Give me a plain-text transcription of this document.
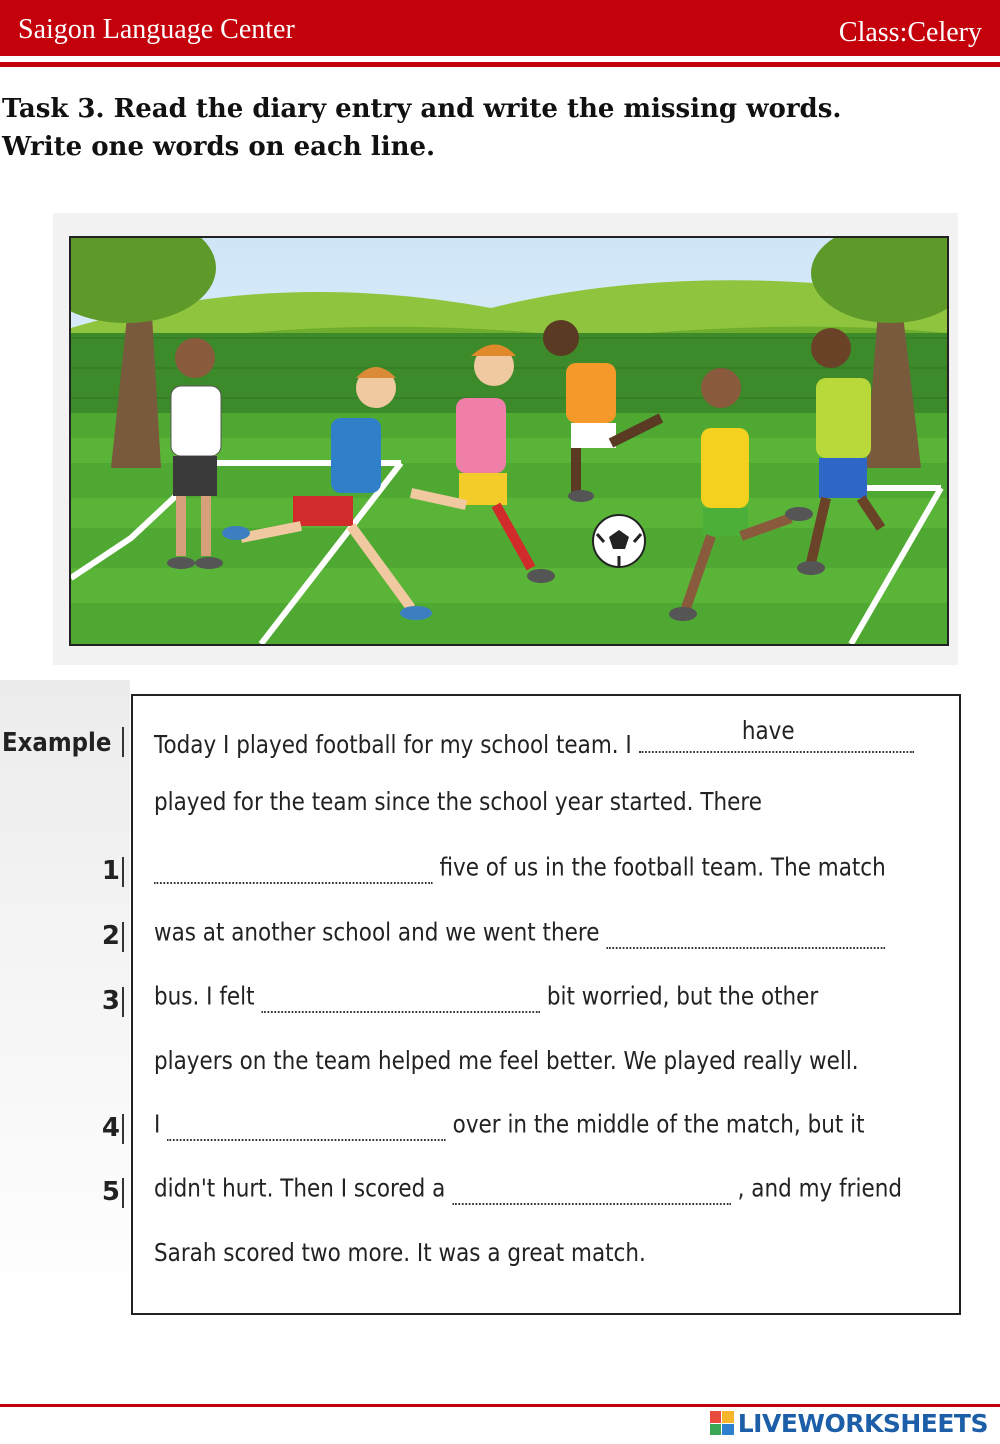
Saigon Language Center	Class:Celery
Task 3. Read the diary entry and write the missing words.
Write one words on each line.
Example Today I played football for my school team. I	have
played for the team since the school year started. There
1	five of us in the football team. The match
2 was at another school and we went there
3 bus. I felt	bit worried, but the other
players on the team helped me feel better. We played really well.
4 I	over in the middle of the match, but it
5 didn't hurt. Then I scored a	, and my friend
Sarah scored two more. It was a great match.
LIVEWORKSHEETS
